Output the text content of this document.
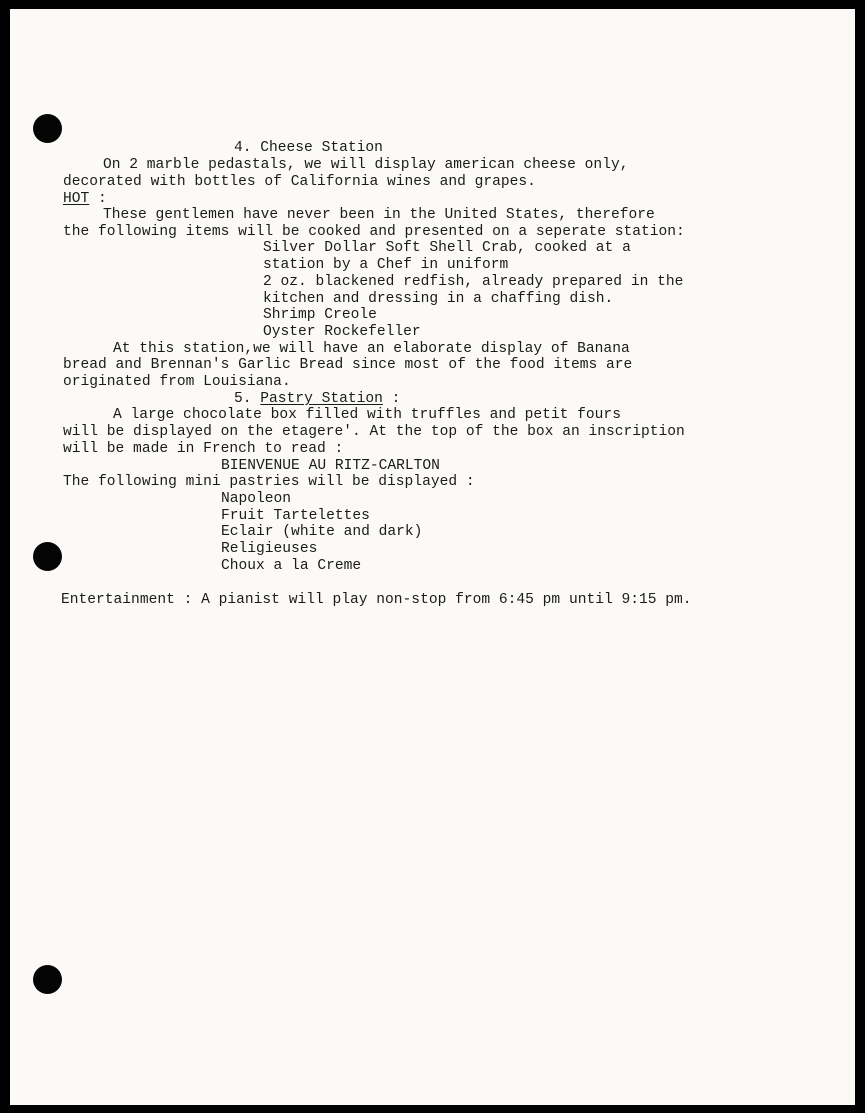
4. Cheese Station
On 2 marble pedastals, we will display american cheese only,
decorated with bottles of California wines and grapes.
HOT :
These gentlemen have never been in the United States, therefore
the following items will be cooked and presented on a seperate station:
Silver Dollar Soft Shell Crab, cooked at a
station by a Chef in uniform
2 oz. blackened redfish, already prepared in the
kitchen and dressing in a chaffing dish.
Shrimp Creole
Oyster Rockefeller
At this station,we will have an elaborate display of Banana
bread and Brennan's Garlic Bread since most of the food items are
originated from Louisiana.
5. Pastry Station :
A large chocolate box filled with truffles and petit fours
will be displayed on the etagere'. At the top of the box an inscription
will be made in French to read :
BIENVENUE AU RITZ-CARLTON
The following mini pastries will be displayed :
Napoleon
Fruit Tartelettes
Eclair (white and dark)
Religieuses
Choux a la Creme
Entertainment : A pianist will play non-stop from 6:45 pm until 9:15 pm.
